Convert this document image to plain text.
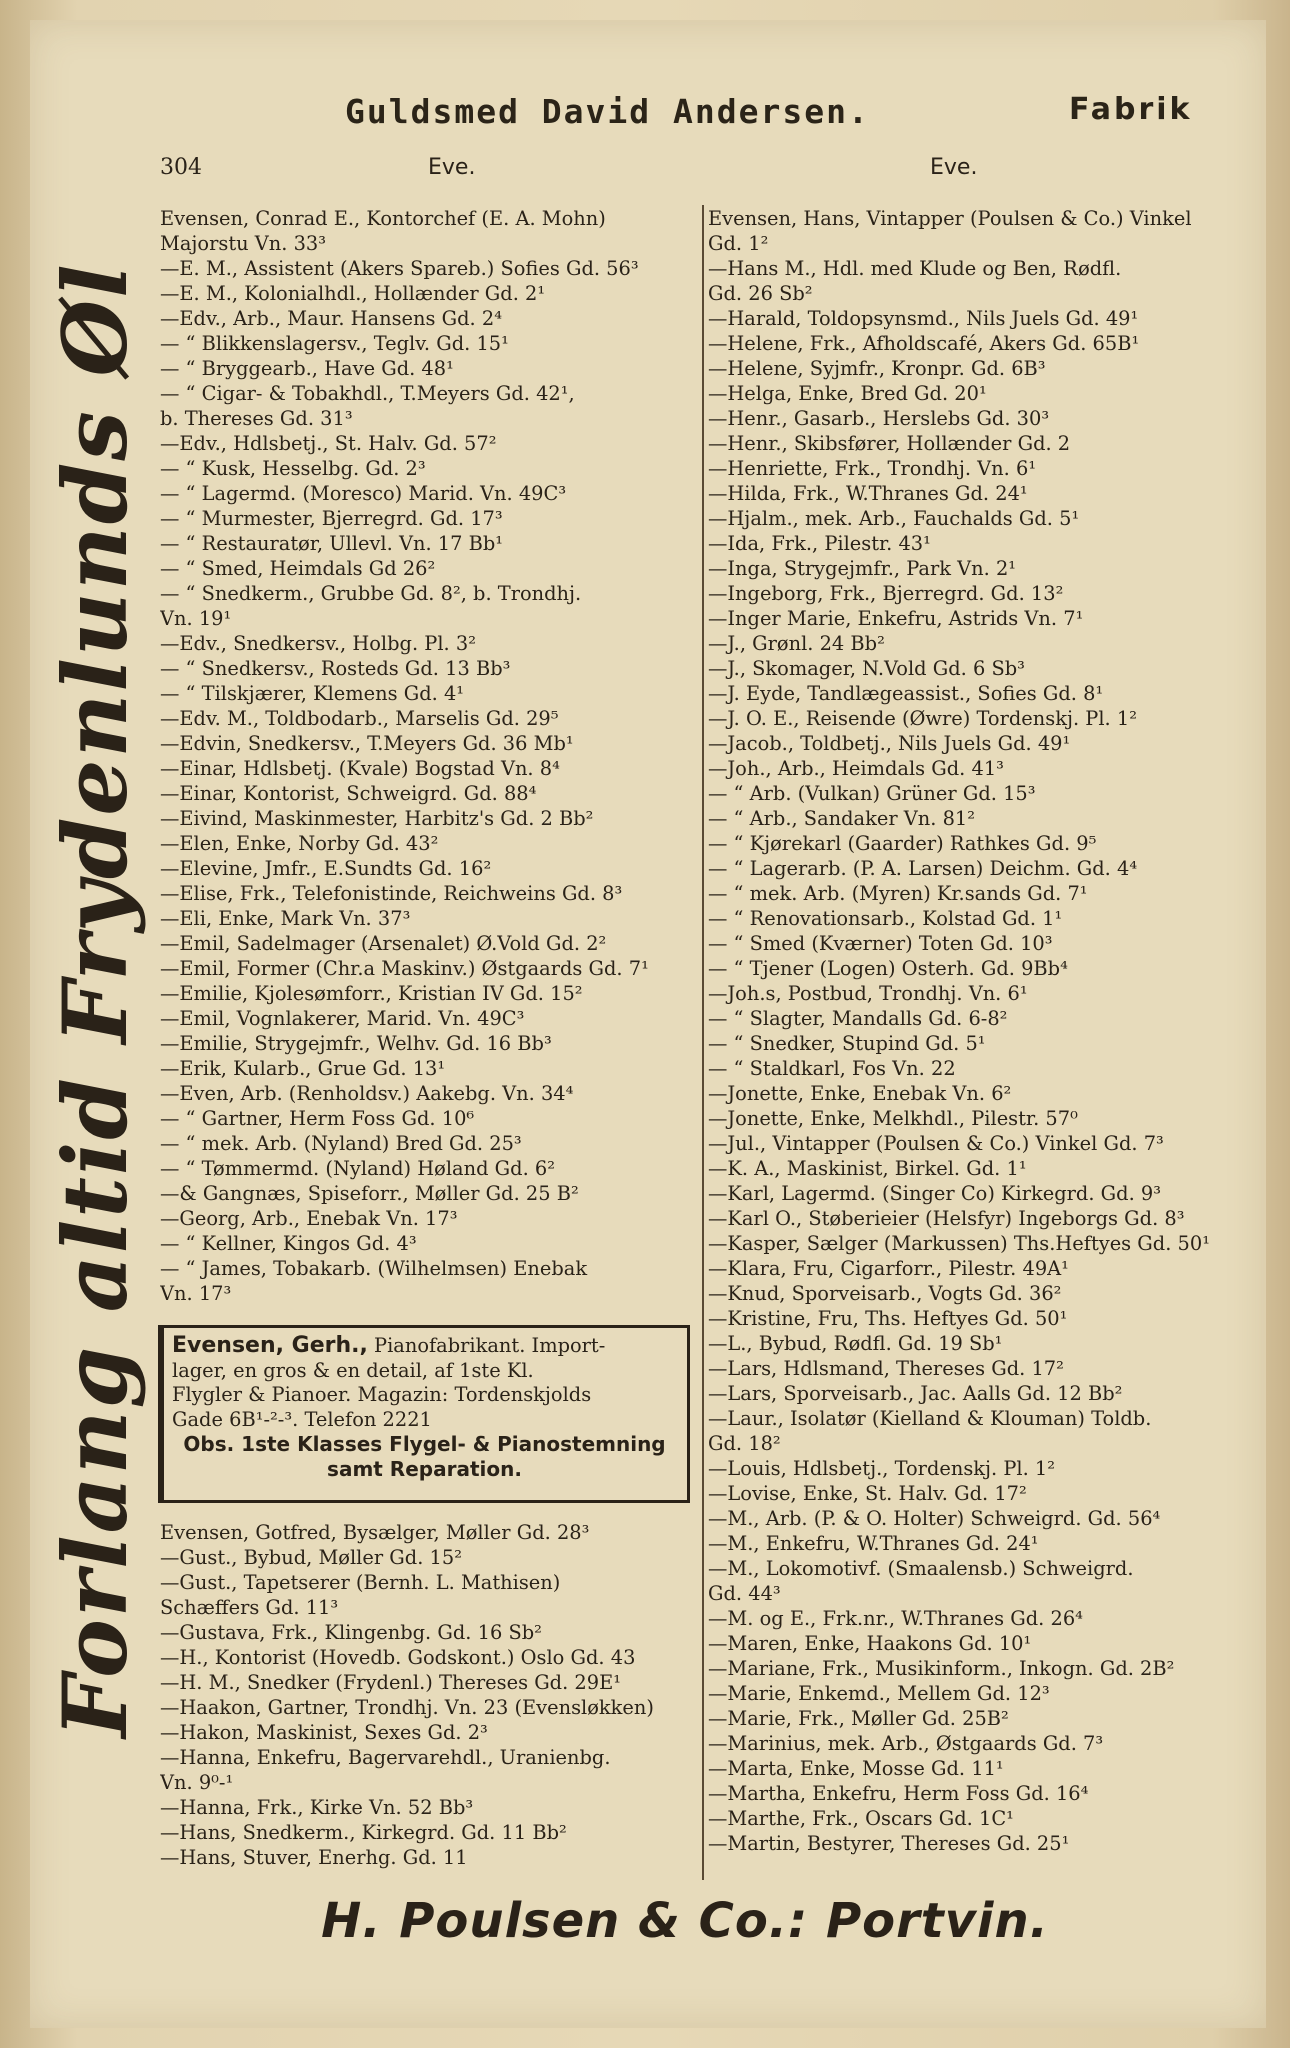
Guldsmed David Andersen.	Fabrik
304	Eve.	Eve.
Forlang altid Frydenlunds Øl
Evensen, Conrad E., Kontorchef (E. A. Mohn)
Majorstu Vn. 33³
—E. M., Assistent (Akers Spareb.) Sofies Gd. 56³
—E. M., Kolonialhdl., Hollænder Gd. 2¹
—Edv., Arb., Maur. Hansens Gd. 2⁴
— “ Blikkenslagersv., Teglv. Gd. 15¹
— “ Bryggearb., Have Gd. 48¹
— “ Cigar- & Tobakhdl., T.Meyers Gd. 42¹,
b. Thereses Gd. 31³
—Edv., Hdlsbetj., St. Halv. Gd. 57²
— “ Kusk, Hesselbg. Gd. 2³
— “ Lagermd. (Moresco) Marid. Vn. 49C³
— “ Murmester, Bjerregrd. Gd. 17³
— “ Restauratør, Ullevl. Vn. 17 Bb¹
— “ Smed, Heimdals Gd 26²
— “ Snedkerm., Grubbe Gd. 8², b. Trondhj.
Vn. 19¹
—Edv., Snedkersv., Holbg. Pl. 3²
— “ Snedkersv., Rosteds Gd. 13 Bb³
— “ Tilskjærer, Klemens Gd. 4¹
—Edv. M., Toldbodarb., Marselis Gd. 29⁵
—Edvin, Snedkersv., T.Meyers Gd. 36 Mb¹
—Einar, Hdlsbetj. (Kvale) Bogstad Vn. 8⁴
—Einar, Kontorist, Schweigrd. Gd. 88⁴
—Eivind, Maskinmester, Harbitz's Gd. 2 Bb²
—Elen, Enke, Norby Gd. 43²
—Elevine, Jmfr., E.Sundts Gd. 16²
—Elise, Frk., Telefonistinde, Reichweins Gd. 8³
—Eli, Enke, Mark Vn. 37³
—Emil, Sadelmager (Arsenalet) Ø.Vold Gd. 2²
—Emil, Former (Chr.a Maskinv.) Østgaards Gd. 7¹
—Emilie, Kjolesømforr., Kristian IV Gd. 15²
—Emil, Vognlakerer, Marid. Vn. 49C³
—Emilie, Strygejmfr., Welhv. Gd. 16 Bb³
—Erik, Kularb., Grue Gd. 13¹
—Even, Arb. (Renholdsv.) Aakebg. Vn. 34⁴
— “ Gartner, Herm Foss Gd. 10⁶
— “ mek. Arb. (Nyland) Bred Gd. 25³
— “ Tømmermd. (Nyland) Høland Gd. 6²
—& Gangnæs, Spiseforr., Møller Gd. 25 B²
—Georg, Arb., Enebak Vn. 17³
— “ Kellner, Kingos Gd. 4³
— “ James, Tobakarb. (Wilhelmsen) Enebak
Vn. 17³
Evensen, Gerh., Pianofabrikant. Import-
lager, en gros & en detail, af 1ste Kl.
Flygler & Pianoer. Magazin: Tordenskjolds
Gade 6B¹-²-³. Telefon 2221
Obs. 1ste Klasses Flygel- & Pianostemning
samt Reparation.
Evensen, Gotfred, Bysælger, Møller Gd. 28³
—Gust., Bybud, Møller Gd. 15²
—Gust., Tapetserer (Bernh. L. Mathisen)
Schæffers Gd. 11³
—Gustava, Frk., Klingenbg. Gd. 16 Sb²
—H., Kontorist (Hovedb. Godskont.) Oslo Gd. 43
—H. M., Snedker (Frydenl.) Thereses Gd. 29E¹
—Haakon, Gartner, Trondhj. Vn. 23 (Evensløkken)
—Hakon, Maskinist, Sexes Gd. 2³
—Hanna, Enkefru, Bagervarehdl., Uranienbg.
Vn. 9⁰-¹
—Hanna, Frk., Kirke Vn. 52 Bb³
—Hans, Snedkerm., Kirkegrd. Gd. 11 Bb²
—Hans, Stuver, Enerhg. Gd. 11
Evensen, Hans, Vintapper (Poulsen & Co.) Vinkel
Gd. 1²
—Hans M., Hdl. med Klude og Ben, Rødfl.
Gd. 26 Sb²
—Harald, Toldopsynsmd., Nils Juels Gd. 49¹
—Helene, Frk., Afholdscafé, Akers Gd. 65B¹
—Helene, Syjmfr., Kronpr. Gd. 6B³
—Helga, Enke, Bred Gd. 20¹
—Henr., Gasarb., Herslebs Gd. 30³
—Henr., Skibsfører, Hollænder Gd. 2
—Henriette, Frk., Trondhj. Vn. 6¹
—Hilda, Frk., W.Thranes Gd. 24¹
—Hjalm., mek. Arb., Fauchalds Gd. 5¹
—Ida, Frk., Pilestr. 43¹
—Inga, Strygejmfr., Park Vn. 2¹
—Ingeborg, Frk., Bjerregrd. Gd. 13²
—Inger Marie, Enkefru, Astrids Vn. 7¹
—J., Grønl. 24 Bb²
—J., Skomager, N.Vold Gd. 6 Sb³
—J. Eyde, Tandlægeassist., Sofies Gd. 8¹
—J. O. E., Reisende (Øwre) Tordenskj. Pl. 1²
—Jacob., Toldbetj., Nils Juels Gd. 49¹
—Joh., Arb., Heimdals Gd. 41³
— “ Arb. (Vulkan) Grüner Gd. 15³
— “ Arb., Sandaker Vn. 81²
— “ Kjørekarl (Gaarder) Rathkes Gd. 9⁵
— “ Lagerarb. (P. A. Larsen) Deichm. Gd. 4⁴
— “ mek. Arb. (Myren) Kr.sands Gd. 7¹
— “ Renovationsarb., Kolstad Gd. 1¹
— “ Smed (Kværner) Toten Gd. 10³
— “ Tjener (Logen) Osterh. Gd. 9Bb⁴
—Joh.s, Postbud, Trondhj. Vn. 6¹
— “ Slagter, Mandalls Gd. 6-8²
— “ Snedker, Stupind Gd. 5¹
— “ Staldkarl, Fos Vn. 22
—Jonette, Enke, Enebak Vn. 6²
—Jonette, Enke, Melkhdl., Pilestr. 57⁰
—Jul., Vintapper (Poulsen & Co.) Vinkel Gd. 7³
—K. A., Maskinist, Birkel. Gd. 1¹
—Karl, Lagermd. (Singer Co) Kirkegrd. Gd. 9³
—Karl O., Støberieier (Helsfyr) Ingeborgs Gd. 8³
—Kasper, Sælger (Markussen) Ths.Heftyes Gd. 50¹
—Klara, Fru, Cigarforr., Pilestr. 49A¹
—Knud, Sporveisarb., Vogts Gd. 36²
—Kristine, Fru, Ths. Heftyes Gd. 50¹
—L., Bybud, Rødfl. Gd. 19 Sb¹
—Lars, Hdlsmand, Thereses Gd. 17²
—Lars, Sporveisarb., Jac. Aalls Gd. 12 Bb²
—Laur., Isolatør (Kielland & Klouman) Toldb.
Gd. 18²
—Louis, Hdlsbetj., Tordenskj. Pl. 1²
—Lovise, Enke, St. Halv. Gd. 17²
—M., Arb. (P. & O. Holter) Schweigrd. Gd. 56⁴
—M., Enkefru, W.Thranes Gd. 24¹
—M., Lokomotivf. (Smaalensb.) Schweigrd.
Gd. 44³
—M. og E., Frk.nr., W.Thranes Gd. 26⁴
—Maren, Enke, Haakons Gd. 10¹
—Mariane, Frk., Musikinform., Inkogn. Gd. 2B²
—Marie, Enkemd., Mellem Gd. 12³
—Marie, Frk., Møller Gd. 25B²
—Marinius, mek. Arb., Østgaards Gd. 7³
—Marta, Enke, Mosse Gd. 11¹
—Martha, Enkefru, Herm Foss Gd. 16⁴
—Marthe, Frk., Oscars Gd. 1C¹
—Martin, Bestyrer, Thereses Gd. 25¹
H. Poulsen & Co.: Portvin.
